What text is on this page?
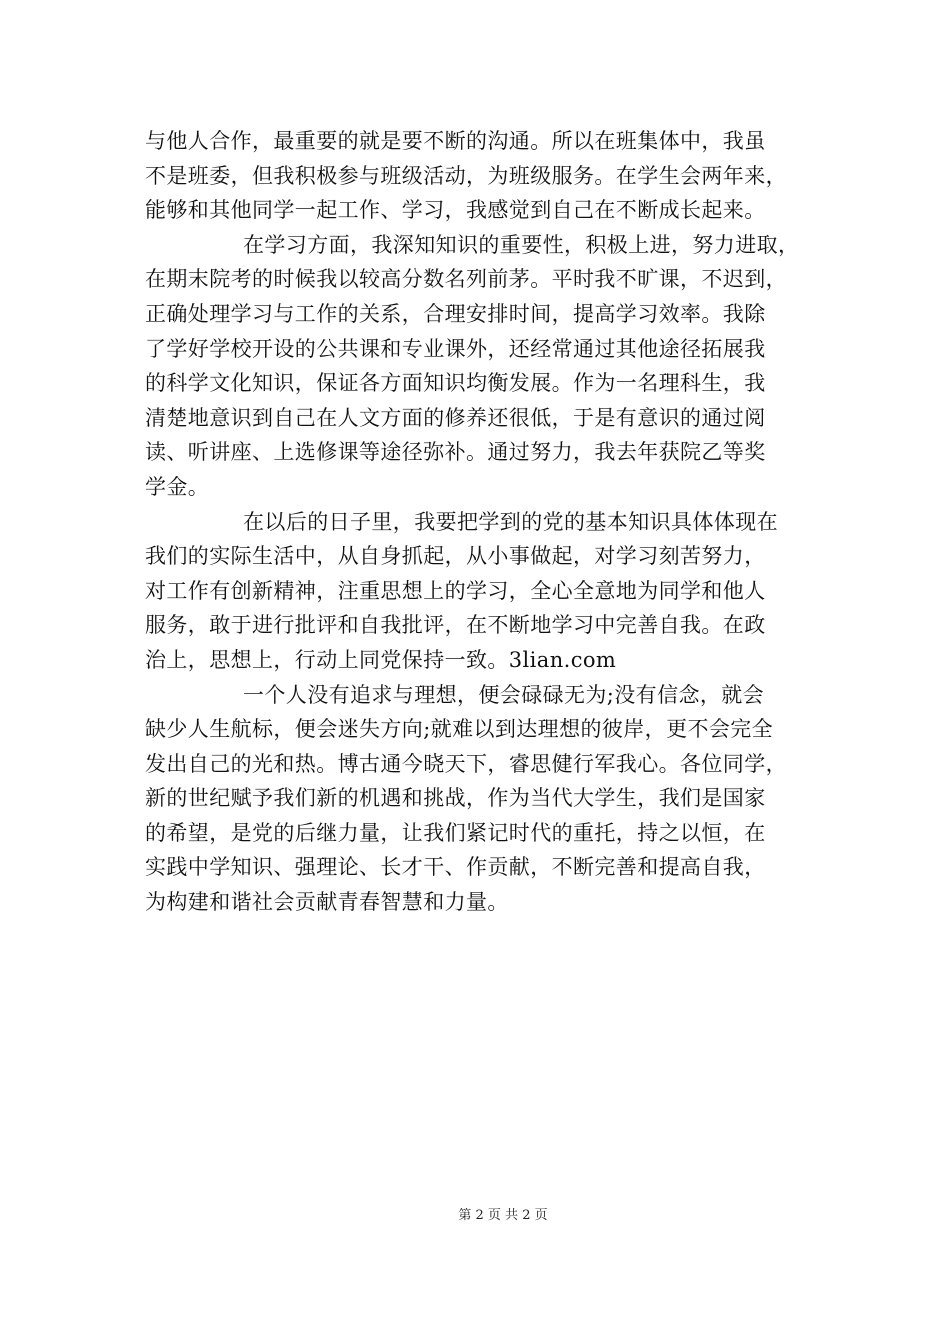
与他人合作，最重要的就是要不断的沟通。所以在班集体中，我虽
不是班委，但我积极参与班级活动，为班级服务。在学生会两年来，
能够和其他同学一起工作、学习，我感觉到自己在不断成长起来。
在学习方面，我深知知识的重要性，积极上进，努力进取，
在期末院考的时候我以较高分数名列前茅。平时我不旷课，不迟到，
正确处理学习与工作的关系，合理安排时间，提高学习效率。我除
了学好学校开设的公共课和专业课外，还经常通过其他途径拓展我
的科学文化知识，保证各方面知识均衡发展。作为一名理科生，我
清楚地意识到自己在人文方面的修养还很低，于是有意识的通过阅
读、听讲座、上选修课等途径弥补。通过努力，我去年获院乙等奖
学金。
在以后的日子里，我要把学到的党的基本知识具体体现在
我们的实际生活中，从自身抓起，从小事做起，对学习刻苦努力，
对工作有创新精神，注重思想上的学习，全心全意地为同学和他人
服务，敢于进行批评和自我批评，在不断地学习中完善自我。在政
治上，思想上，行动上同党保持一致。3lian.com
一个人没有追求与理想，便会碌碌无为;没有信念，就会
缺少人生航标，便会迷失方向;就难以到达理想的彼岸，更不会完全
发出自己的光和热。博古通今晓天下，睿思健行军我心。各位同学，
新的世纪赋予我们新的机遇和挑战，作为当代大学生，我们是国家
的希望，是党的后继力量，让我们紧记时代的重托，持之以恒，在
实践中学知识、强理论、长才干、作贡献，不断完善和提高自我，
为构建和谐社会贡献青春智慧和力量。
第 2 页 共 2 页
